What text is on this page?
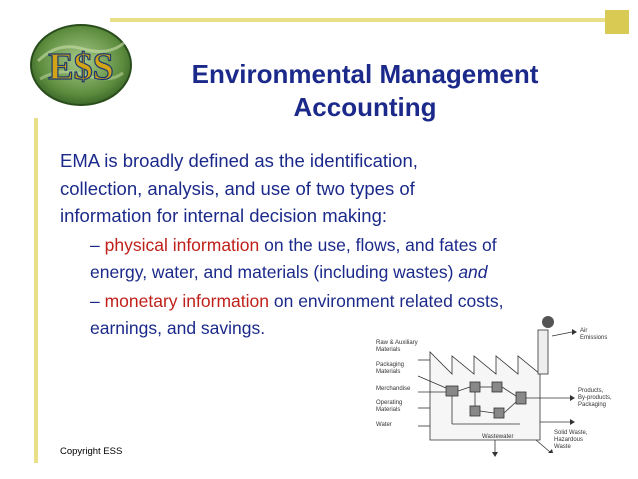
E$S	Environmental Management
Accounting

EMA is broadly defined as the identification,

collection, analysis, and use of two types of

information for internal decision making:

– physical information on the use, flows, and fates of

energy, water, and materials (including wastes) and

– monetary information on environment related costs,

earnings, and savings.

Raw & Auxiliary
Materials
Packaging
Materials
Merchandise
Operating
Materials
Water
Air
Emissions
Products,
By-products,
Packaging
Solid Waste,
Hazardous
Waste
Wastewater
Copyright ESS
